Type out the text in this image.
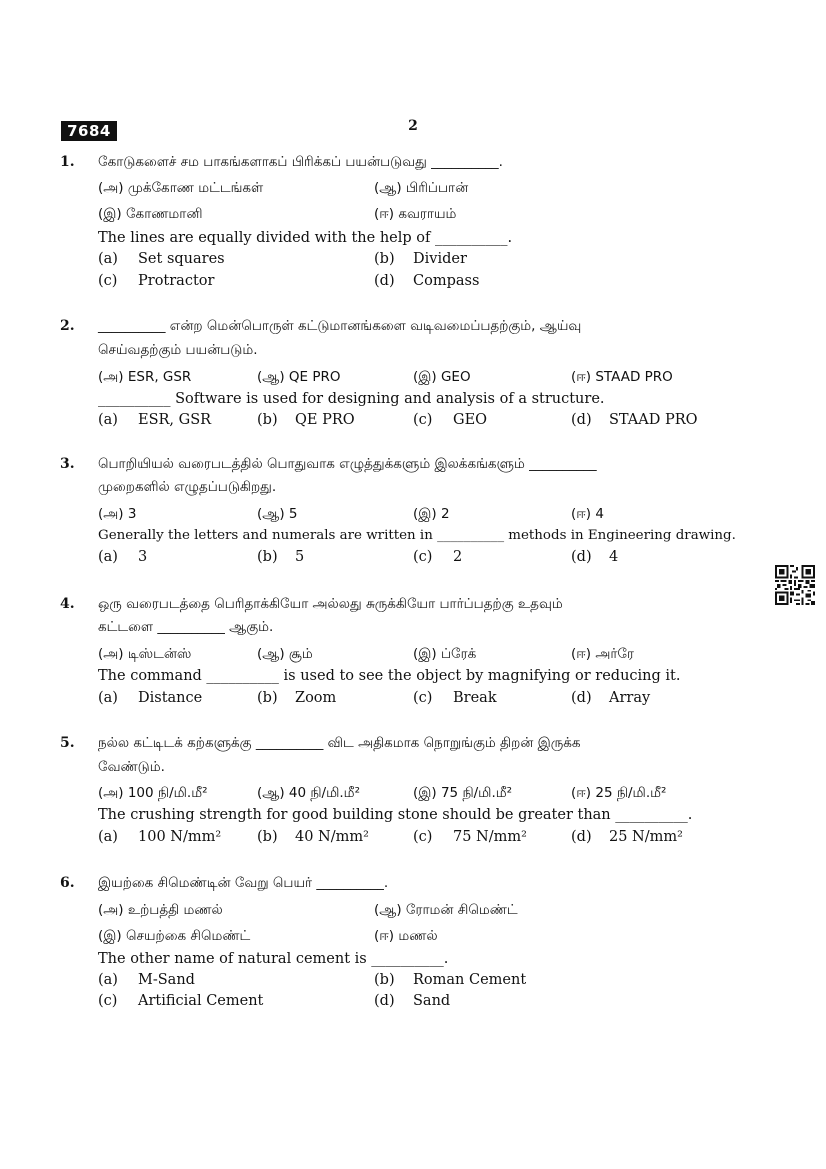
7684	2
1. கோடுகளைச் சம பாகங்களாகப் பிரிக்கப் பயன்படுவது __________.
(அ) முக்கோண மட்டங்கள்	(ஆ) பிரிப்பான்
(இ) கோணமானி	(ஈ) கவராயம்
The lines are equally divided with the help of __________.
(a) Set squares	(b) Divider
(c) Protractor	(d) Compass
2. __________ என்ற மென்பொருள் கட்டுமானங்களை வடிவமைப்பதற்கும், ஆய்வு
செய்வதற்கும் பயன்படும்.
(அ) ESR, GSR	(ஆ) QE PRO	(இ) GEO	(ஈ) STAAD PRO
__________ Software is used for designing and analysis of a structure.
(a) ESR, GSR	(b) QE PRO	(c) GEO	(d) STAAD PRO
3. பொறியியல் வரைபடத்தில் பொதுவாக எழுத்துக்களும் இலக்கங்களும் __________
முறைகளில் எழுதப்படுகிறது.
(அ) 3	(ஆ) 5	(இ) 2	(ஈ) 4
Generally the letters and numerals are written in __________ methods in Engineering drawing.
(a) 3	(b) 5	(c) 2	(d) 4
4. ஒரு வரைபடத்தை பெரிதாக்கியோ அல்லது சுருக்கியோ பார்ப்பதற்கு உதவும்
கட்டளை __________ ஆகும்.
(அ) டிஸ்டன்ஸ்	(ஆ) சூம்	(இ) ப்ரேக்	(ஈ) அர்ரே
The command __________ is used to see the object by magnifying or reducing it.
(a) Distance	(b) Zoom	(c) Break	(d) Array
5. நல்ல கட்டிடக் கற்களுக்கு __________ விட அதிகமாக நொறுங்கும் திறன் இருக்க
வேண்டும்.
(அ) 100 நி/மி.மீ²	(ஆ) 40 நி/மி.மீ²	(இ) 75 நி/மி.மீ²	(ஈ) 25 நி/மி.மீ²
The crushing strength for good building stone should be greater than __________.
(a) 100 N/mm² (b) 40 N/mm²	(c) 75 N/mm²	(d) 25 N/mm²
6. இயற்கை சிமெண்டின் வேறு பெயர் __________.
(அ) உற்பத்தி மணல்	(ஆ) ரோமன் சிமெண்ட்
(இ) செயற்கை சிமெண்ட்	(ஈ) மணல்
The other name of natural cement is __________.
(a) M-Sand	(b) Roman Cement
(c) Artificial Cement	(d) Sand
